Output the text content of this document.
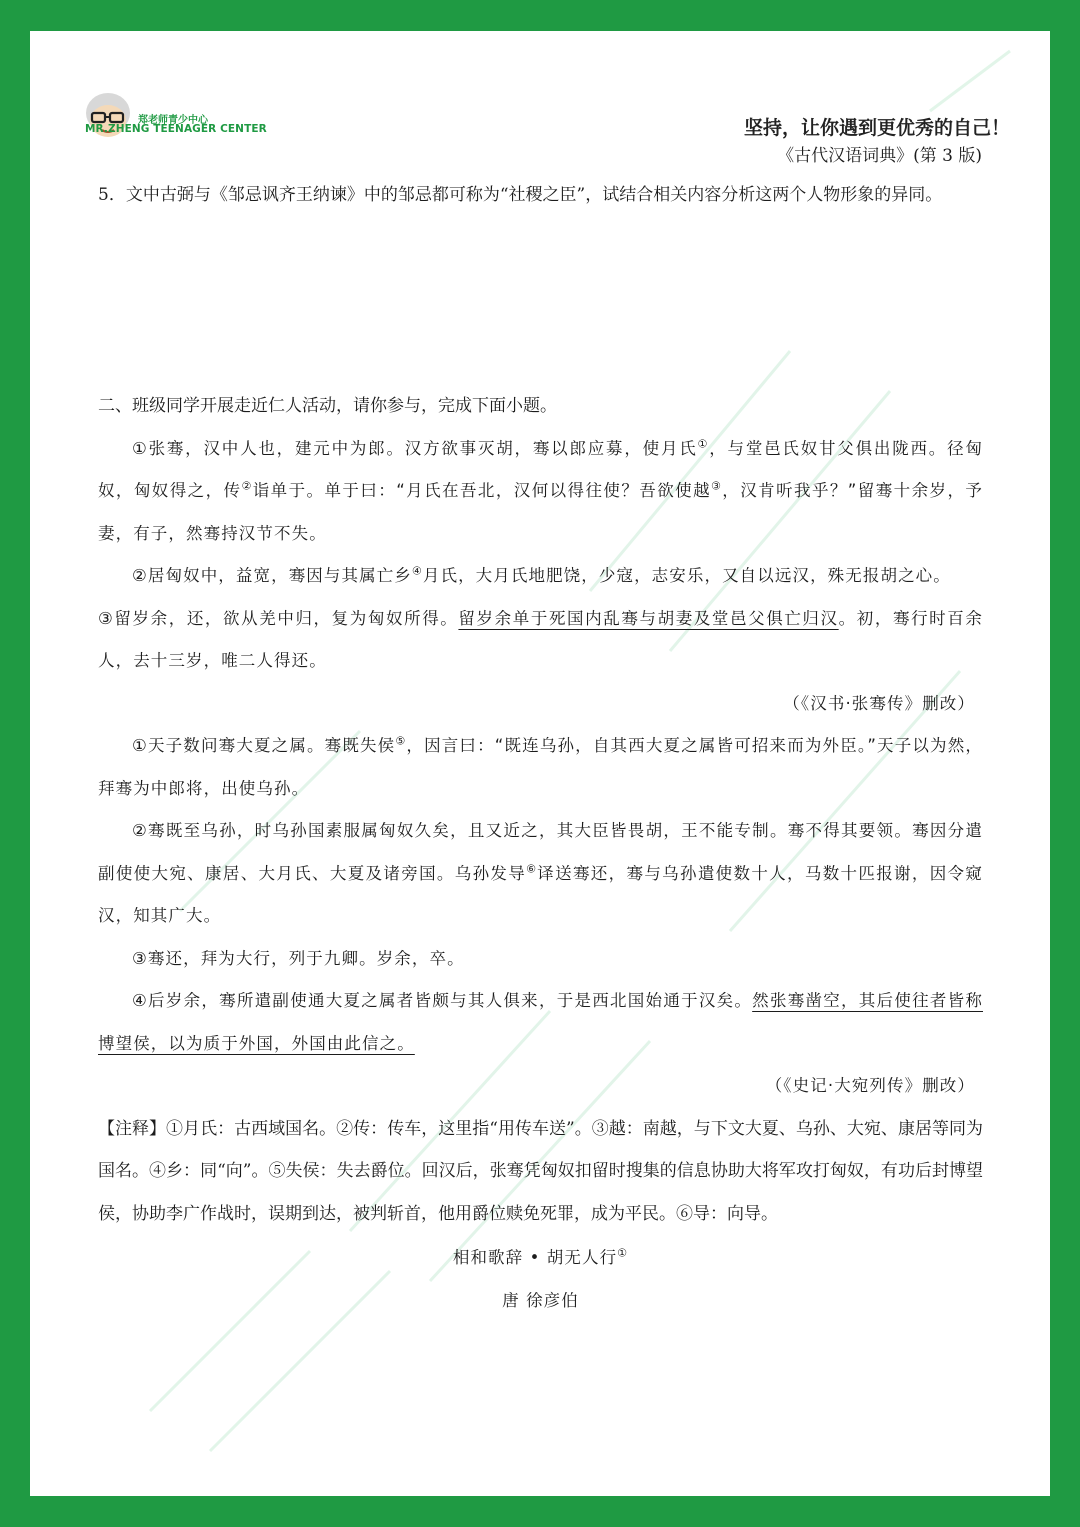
郑老师青少中心
MR.ZHENG TEENAGER CENTER	坚持，让你遇到更优秀的自己！
《古代汉语词典》(第 3 版)

5．文中古弼与《邹忌讽齐王纳谏》中的邹忌都可称为“社稷之臣”，试结合相关内容分析这两个人物形象的异同。

二、班级同学开展走近仁人活动，请你参与，完成下面小题。

①张骞，汉中人也，建元中为郎。汉方欲事灭胡，骞以郎应募，使月氏①，与堂邑氏奴甘父俱出陇西。径匈奴，匈奴得之，传②诣单于。单于曰：“月氏在吾北，汉何以得往使？吾欲使越③，汉肯听我乎？”留骞十余岁，予妻，有子，然骞持汉节不失。

②居匈奴中，益宽，骞因与其属亡乡④月氏，大月氏地肥饶，少寇，志安乐，又自以远汉，殊无报胡之心。

③留岁余，还，欲从羌中归，复为匈奴所得。留岁余单于死国内乱骞与胡妻及堂邑父俱亡归汉。初，骞行时百余人，去十三岁，唯二人得还。

（《汉书·张骞传》删改）

①天子数问骞大夏之属。骞既失侯⑤，因言曰：“既连乌孙，自其西大夏之属皆可招来而为外臣。”天子以为然，拜骞为中郎将，出使乌孙。

②骞既至乌孙，时乌孙国素服属匈奴久矣，且又近之，其大臣皆畏胡，王不能专制。骞不得其要领。骞因分遣副使使大宛、康居、大月氏、大夏及诸旁国。乌孙发导⑥译送骞还，骞与乌孙遣使数十人，马数十匹报谢，因令窥汉，知其广大。

③骞还，拜为大行，列于九卿。岁余，卒。

④后岁余，骞所遣副使通大夏之属者皆颇与其人俱来，于是西北国始通于汉矣。然张骞凿空，其后使往者皆称博望侯，以为质于外国，外国由此信之。

（《史记·大宛列传》删改）

【注释】①月氏：古西域国名。②传：传车，这里指“用传车送”。③越：南越，与下文大夏、乌孙、大宛、康居等同为国名。④乡：同“向”。⑤失侯：失去爵位。回汉后，张骞凭匈奴扣留时搜集的信息协助大将军攻打匈奴，有功后封博望侯，协助李广作战时，误期到达，被判斩首，他用爵位赎免死罪，成为平民。⑥导：向导。

相和歌辞 • 胡无人行①

唐 徐彦伯
